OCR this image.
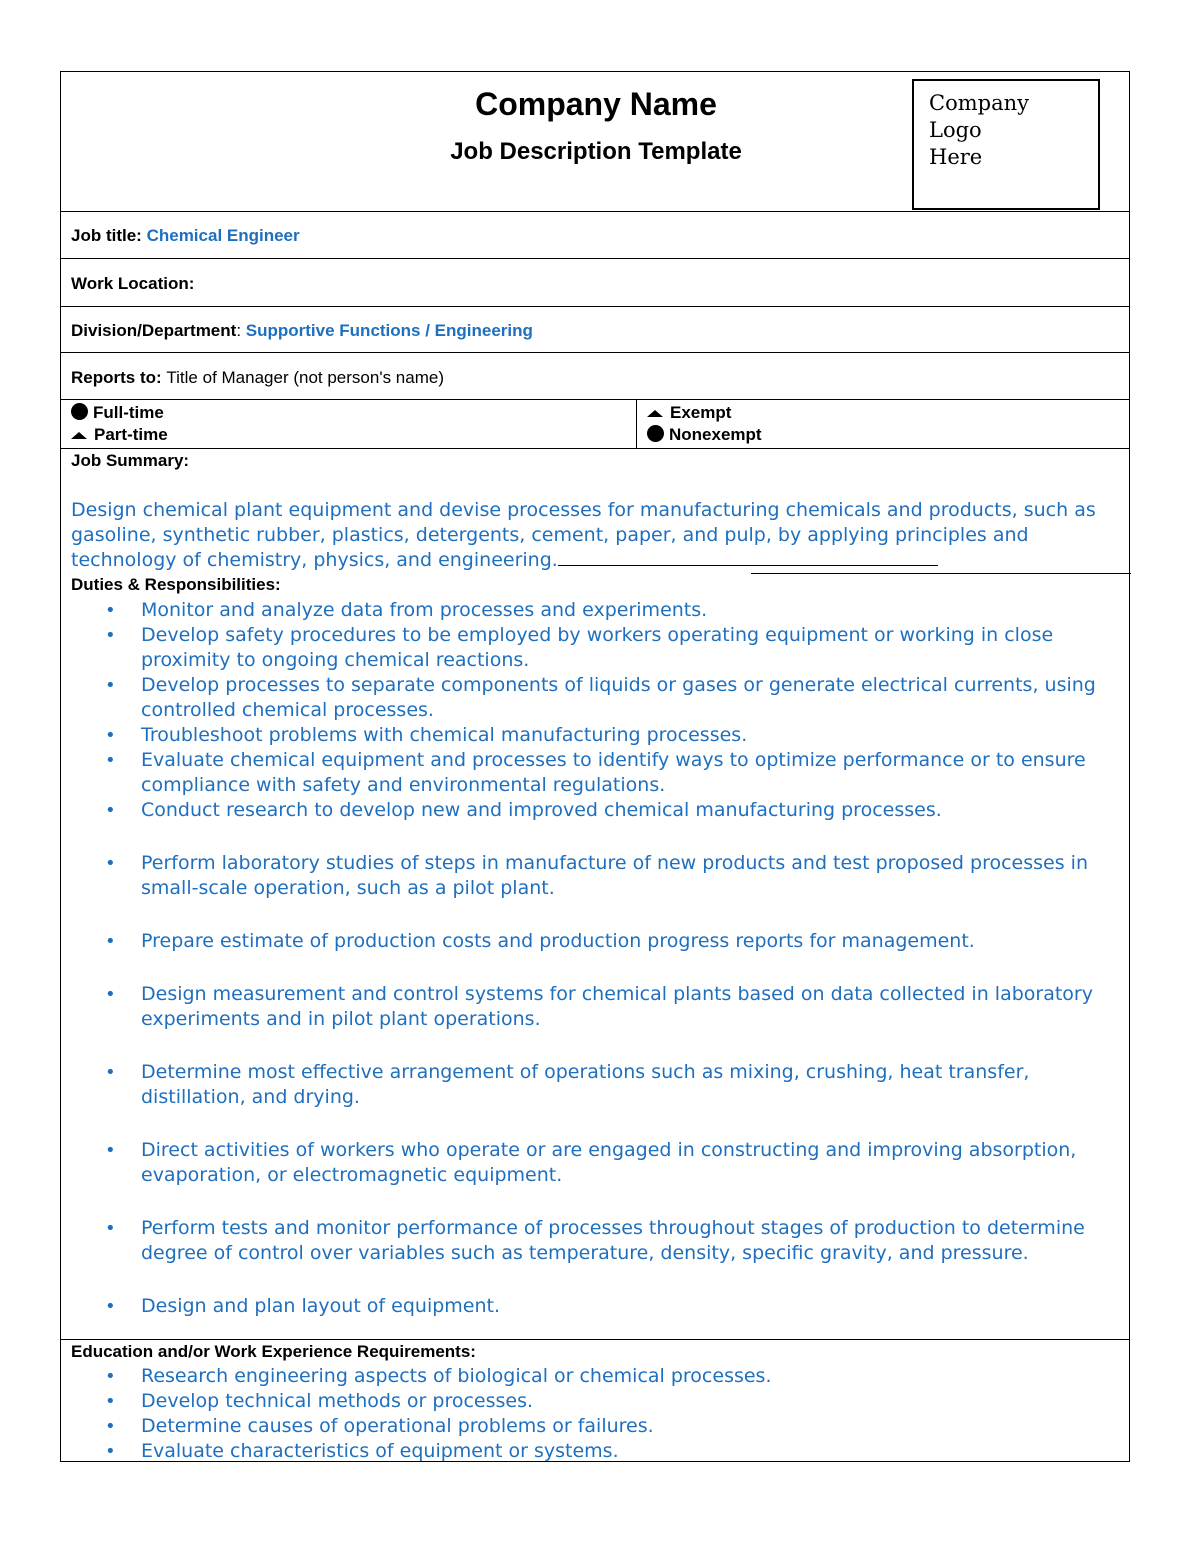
Company Name
Job Description Template
Company
Logo
Here
Job title: Chemical Engineer
Work Location:
Division/Department: Supportive Functions / Engineering
Reports to: Title of Manager (not person's name)
Full-time
Part-time
Exempt
Nonexempt
Job Summary:
Design chemical plant equipment and devise processes for manufacturing chemicals and products, such as gasoline, synthetic rubber, plastics, detergents, cement, paper, and pulp, by applying principles and technology of chemistry, physics, and engineering.
Duties & Responsibilities:
• Monitor and analyze data from processes and experiments.
• Develop safety procedures to be employed by workers operating equipment or working in close proximity to ongoing chemical reactions.
• Develop processes to separate components of liquids or gases or generate electrical currents, using controlled chemical processes.
• Troubleshoot problems with chemical manufacturing processes.
• Evaluate chemical equipment and processes to identify ways to optimize performance or to ensure compliance with safety and environmental regulations.
• Conduct research to develop new and improved chemical manufacturing processes.
• Perform laboratory studies of steps in manufacture of new products and test proposed processes in small-scale operation, such as a pilot plant.
• Prepare estimate of production costs and production progress reports for management.
• Design measurement and control systems for chemical plants based on data collected in laboratory experiments and in pilot plant operations.
• Determine most effective arrangement of operations such as mixing, crushing, heat transfer, distillation, and drying.
• Direct activities of workers who operate or are engaged in constructing and improving absorption, evaporation, or electromagnetic equipment.
• Perform tests and monitor performance of processes throughout stages of production to determine degree of control over variables such as temperature, density, specific gravity, and pressure.
• Design and plan layout of equipment.
Education and/or Work Experience Requirements:
• Research engineering aspects of biological or chemical processes.
• Develop technical methods or processes.
• Determine causes of operational problems or failures.
• Evaluate characteristics of equipment or systems.
